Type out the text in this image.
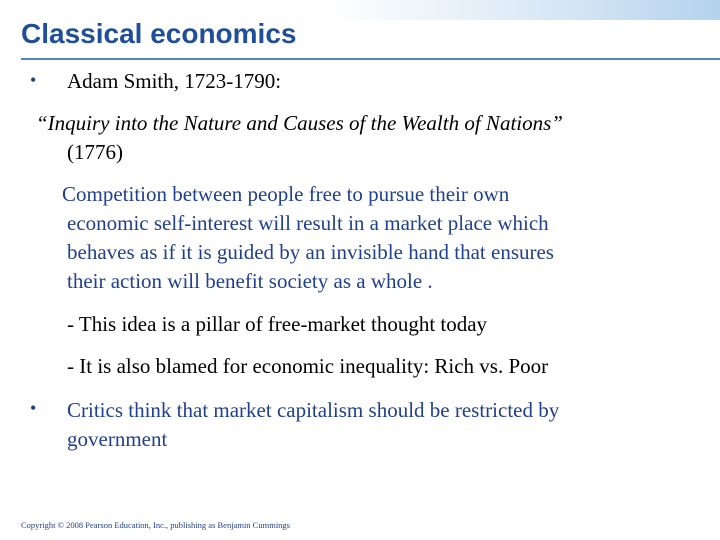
Classical economics
• Adam Smith, 1723-1790:
“Inquiry into the Nature and Causes of the Wealth of Nations”
(1776)
Competition between people free to pursue their own
economic self-interest will result in a market place which
behaves as if it is guided by an invisible hand that ensures
their action will benefit society as a whole .
- This idea is a pillar of free-market thought today
- It is also blamed for economic inequality: Rich vs. Poor
• Critics think that market capitalism should be restricted by
government
Copyright © 2008 Pearson Education, Inc., publishing as Benjamin Cummings
